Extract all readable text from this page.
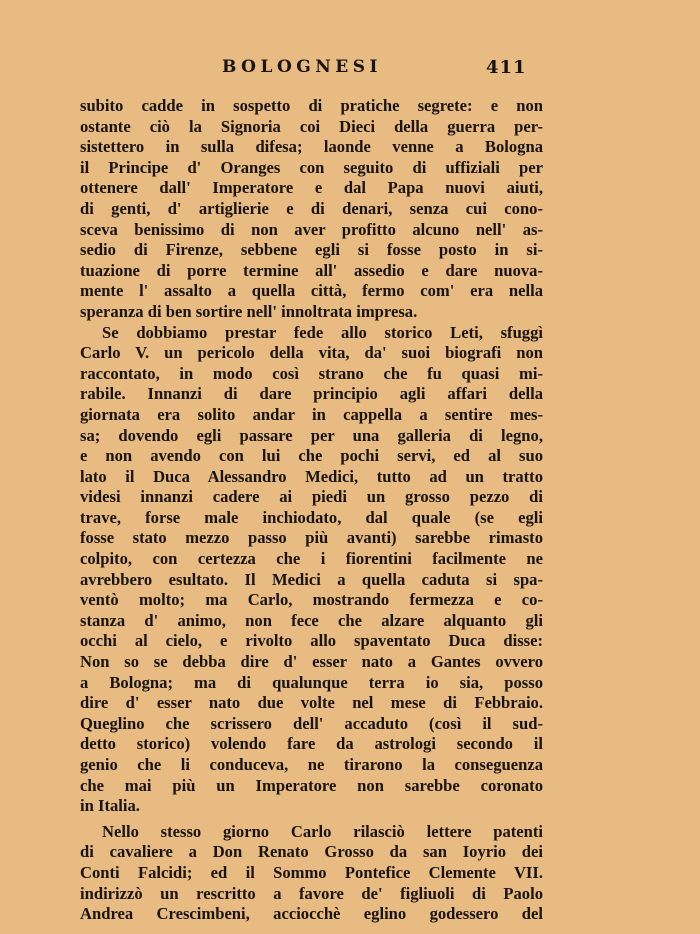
BOLOGNESI	411
subito cadde in sospetto di pratiche segrete: e non
ostante ciò la Signoria coi Dieci della guerra per-
sistettero in sulla difesa; laonde venne a Bologna
il Principe d' Oranges con seguito di uffiziali per
ottenere dall' Imperatore e dal Papa nuovi aiuti,
di genti, d' artiglierie e di denari, senza cui cono-
sceva benissimo di non aver profitto alcuno nell' as-
sedio di Firenze, sebbene egli si fosse posto in si-
tuazione di porre termine all' assedio e dare nuova-
mente l' assalto a quella città, fermo com' era nella
speranza di ben sortire nell' innoltrata impresa.
Se dobbiamo prestar fede allo storico Leti, sfuggì
Carlo V. un pericolo della vita, da' suoi biografi non
raccontato, in modo così strano che fu quasi mi-
rabile. Innanzi di dare principio agli affari della
giornata era solito andar in cappella a sentire mes-
sa; dovendo egli passare per una galleria di legno,
e non avendo con lui che pochi servi, ed al suo
lato il Duca Alessandro Medici, tutto ad un tratto
videsi innanzi cadere ai piedi un grosso pezzo di
trave, forse male inchiodato, dal quale (se egli
fosse stato mezzo passo più avanti) sarebbe rimasto
colpito, con certezza che i fiorentini facilmente ne
avrebbero esultato. Il Medici a quella caduta si spa-
ventò molto; ma Carlo, mostrando fermezza e co-
stanza d' animo, non fece che alzare alquanto gli
occhi al cielo, e rivolto allo spaventato Duca disse:
Non so se debba dire d' esser nato a Gantes ovvero
a Bologna; ma di qualunque terra io sia, posso
dire d' esser nato due volte nel mese di Febbraio.
Queglino che scrissero dell' accaduto (così il sud-
detto storico) volendo fare da astrologi secondo il
genio che li conduceva, ne tirarono la conseguenza
che mai più un Imperatore non sarebbe coronato
in Italia.
Nello stesso giorno Carlo rilasciò lettere patenti
di cavaliere a Don Renato Grosso da san Ioyrio dei
Conti Falcidi; ed il Sommo Pontefice Clemente VII.
indirizzò un rescritto a favore de' figliuoli di Paolo
Andrea Crescimbeni, acciocchè eglino godessero del
